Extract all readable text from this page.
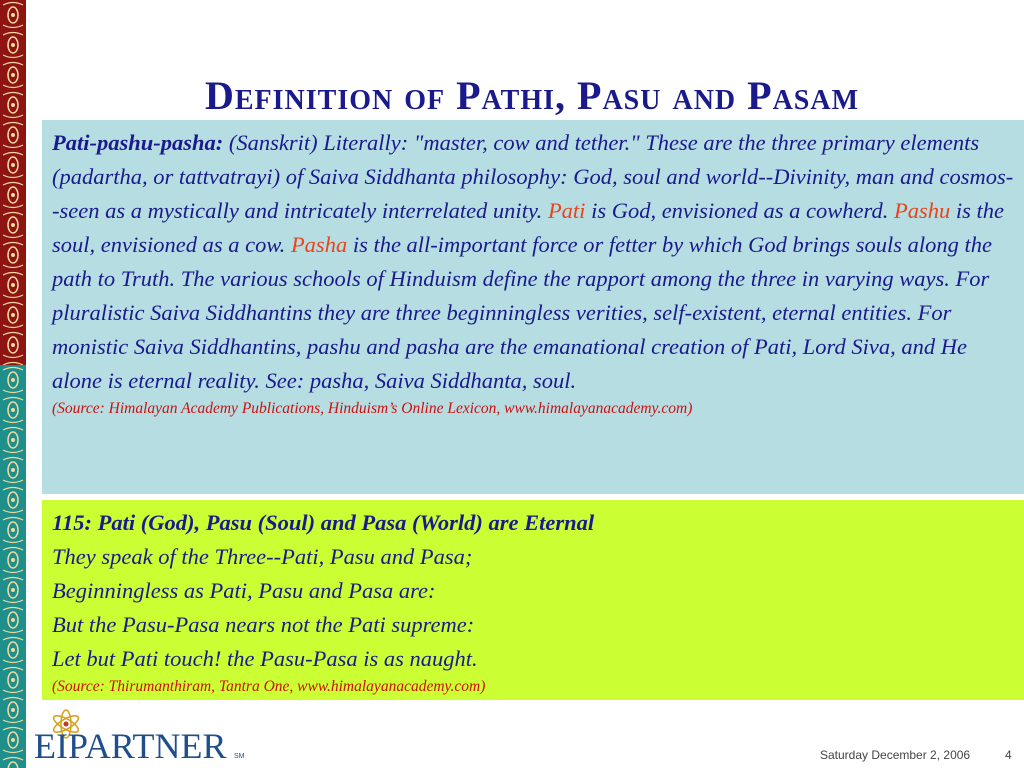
Definition of Pathi, Pasu and Pasam
Pati-pashu-pasha: (Sanskrit) Literally: "master, cow and tether." These are the three primary elements (padartha, or tattvatrayi) of Saiva Siddhanta philosophy: God, soul and world--Divinity, man and cosmos--seen as a mystically and intricately interrelated unity. Pati is God, envisioned as a cowherd. Pashu is the soul, envisioned as a cow. Pasha is the all-important force or fetter by which God brings souls along the path to Truth. The various schools of Hinduism define the rapport among the three in varying ways. For pluralistic Saiva Siddhantins they are three beginningless verities, self-existent, eternal entities. For monistic Saiva Siddhantins, pashu and pasha are the emanational creation of Pati, Lord Siva, and He alone is eternal reality. See: pasha, Saiva Siddhanta, soul.
(Source: Himalayan Academy Publications, Hinduism’s Online Lexicon, www.himalayanacademy.com)
115: Pati (God), Pasu (Soul) and Pasa (World) are Eternal
They speak of the Three--Pati, Pasu and Pasa;
Beginningless as Pati, Pasu and Pasa are:
But the Pasu-Pasa nears not the Pati supreme:
Let but Pati touch! the Pasu-Pasa is as naught.
(Source: Thirumanthiram, Tantra One, www.himalayanacademy.com)
EIPARTNER SM	Saturday December 2, 2006	4
